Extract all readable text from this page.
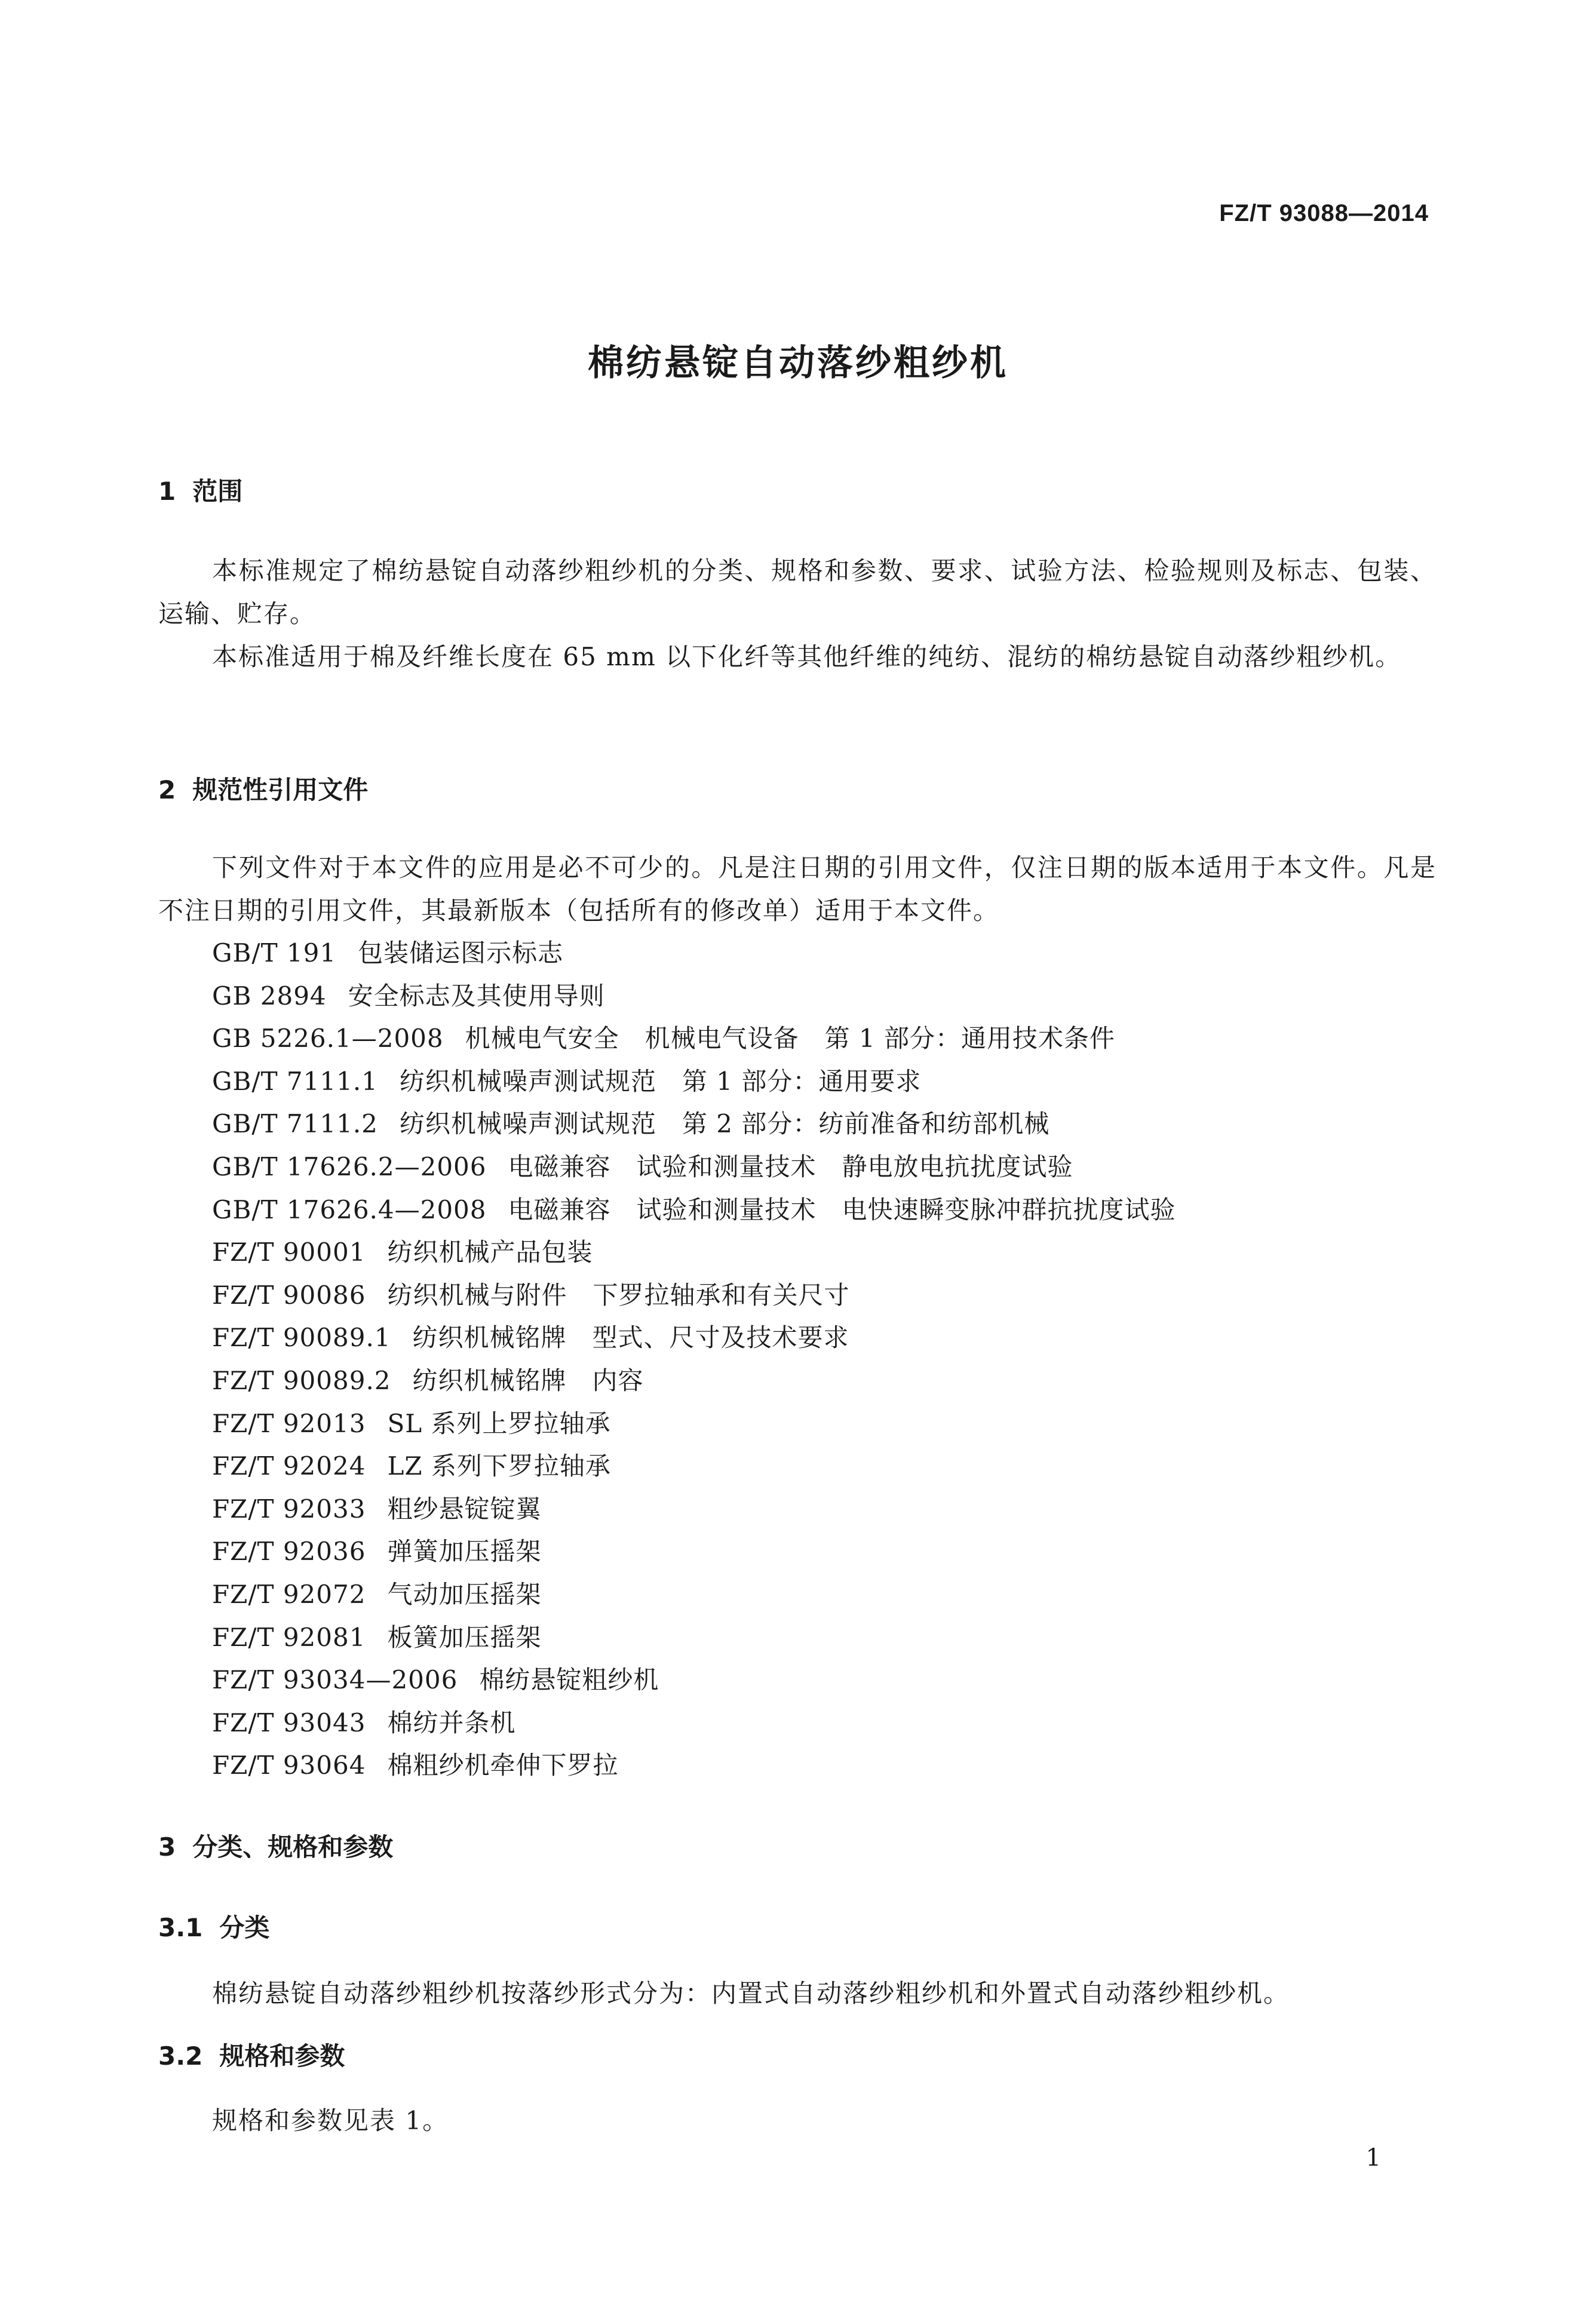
FZ/T 93088—2014
棉纺悬锭自动落纱粗纱机
1 范围

本标准规定了棉纺悬锭自动落纱粗纱机的分类、规格和参数、要求、试验方法、检验规则及标志、包装、运输、贮存。

本标准适用于棉及纤维长度在 65 mm 以下化纤等其他纤维的纯纺、混纺的棉纺悬锭自动落纱粗纱机。

2 规范性引用文件

下列文件对于本文件的应用是必不可少的。凡是注日期的引用文件，仅注日期的版本适用于本文件。凡是不注日期的引用文件，其最新版本（包括所有的修改单）适用于本文件。

GB/T 191 包装储运图示标志
GB 2894 安全标志及其使用导则
GB 5226.1—2008 机械电气安全　机械电气设备　第 1 部分：通用技术条件
GB/T 7111.1 纺织机械噪声测试规范　第 1 部分：通用要求
GB/T 7111.2 纺织机械噪声测试规范　第 2 部分：纺前准备和纺部机械
GB/T 17626.2—2006 电磁兼容　试验和测量技术　静电放电抗扰度试验
GB/T 17626.4—2008 电磁兼容　试验和测量技术　电快速瞬变脉冲群抗扰度试验
FZ/T 90001 纺织机械产品包装
FZ/T 90086 纺织机械与附件　下罗拉轴承和有关尺寸
FZ/T 90089.1 纺织机械铭牌　型式、尺寸及技术要求
FZ/T 90089.2 纺织机械铭牌　内容
FZ/T 92013 SL 系列上罗拉轴承
FZ/T 92024 LZ 系列下罗拉轴承
FZ/T 92033 粗纱悬锭锭翼
FZ/T 92036 弹簧加压摇架
FZ/T 92072 气动加压摇架
FZ/T 92081 板簧加压摇架
FZ/T 93034—2006 棉纺悬锭粗纱机
FZ/T 93043 棉纺并条机
FZ/T 93064 棉粗纱机牵伸下罗拉
3 分类、规格和参数
3.1 分类
棉纺悬锭自动落纱粗纱机按落纱形式分为：内置式自动落纱粗纱机和外置式自动落纱粗纱机。
3.2 规格和参数
规格和参数见表 1。
1
